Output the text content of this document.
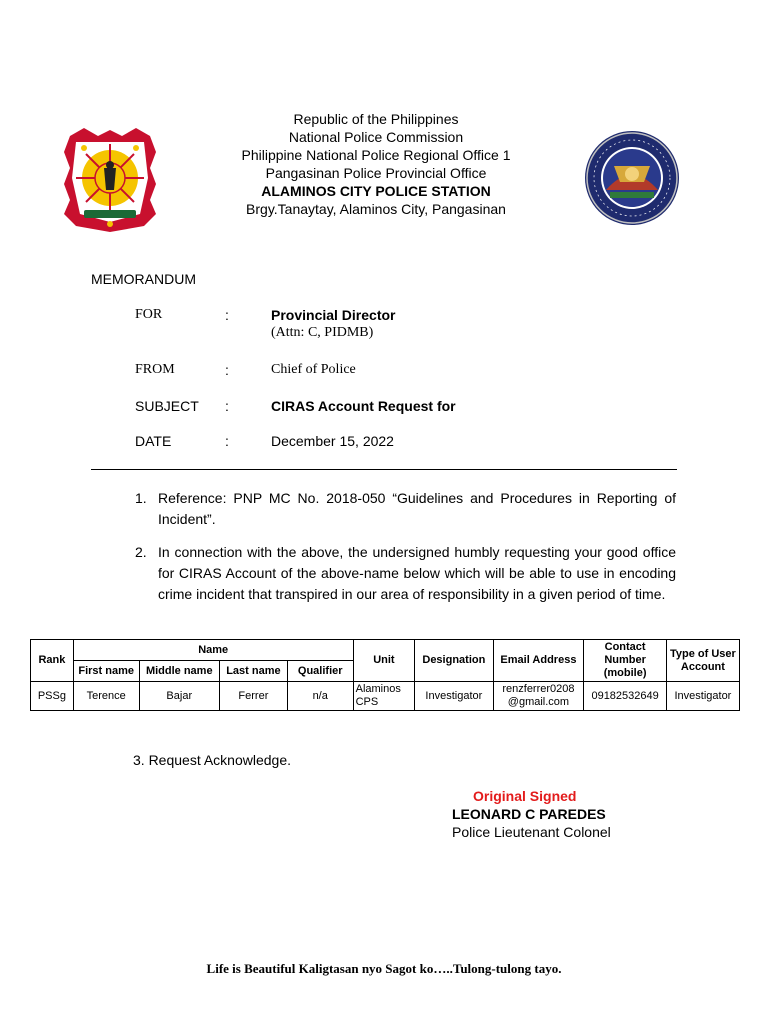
Republic of the Philippines
National Police Commission
Philippine National Police Regional Office 1
Pangasinan Police Provincial Office
ALAMINOS CITY POLICE STATION
Brgy.Tanaytay, Alaminos City, Pangasinan
MEMORANDUM
FOR	:	Provincial Director
(Attn: C, PIDMB)
FROM	:	Chief of Police
SUBJECT :	CIRAS Account Request for
DATE	:	December 15, 2022
1. Reference: PNP MC No. 2018-050 “Guidelines and Procedures in Reporting of Incident”.
2. In connection with the above, the undersigned humbly requesting your good office for CIRAS Account of the above-name below which will be able to use in encoding crime incident that transpired in our area of responsibility in a given period of time.
Rank	Name				Unit	Designation	Email Address	Contact Number (mobile)	Type of User Account
	First name	Middle name	Last name	Qualifier					
PSSg	Terence	Bajar	Ferrer	n/a	Alaminos CPS	Investigator	renzferrer0208 @gmail.com	09182532649	Investigator
3. Request Acknowledge.
Original Signed
LEONARD C PAREDES
Police Lieutenant Colonel
Life is Beautiful Kaligtasan nyo Sagot ko…..Tulong-tulong tayo.
